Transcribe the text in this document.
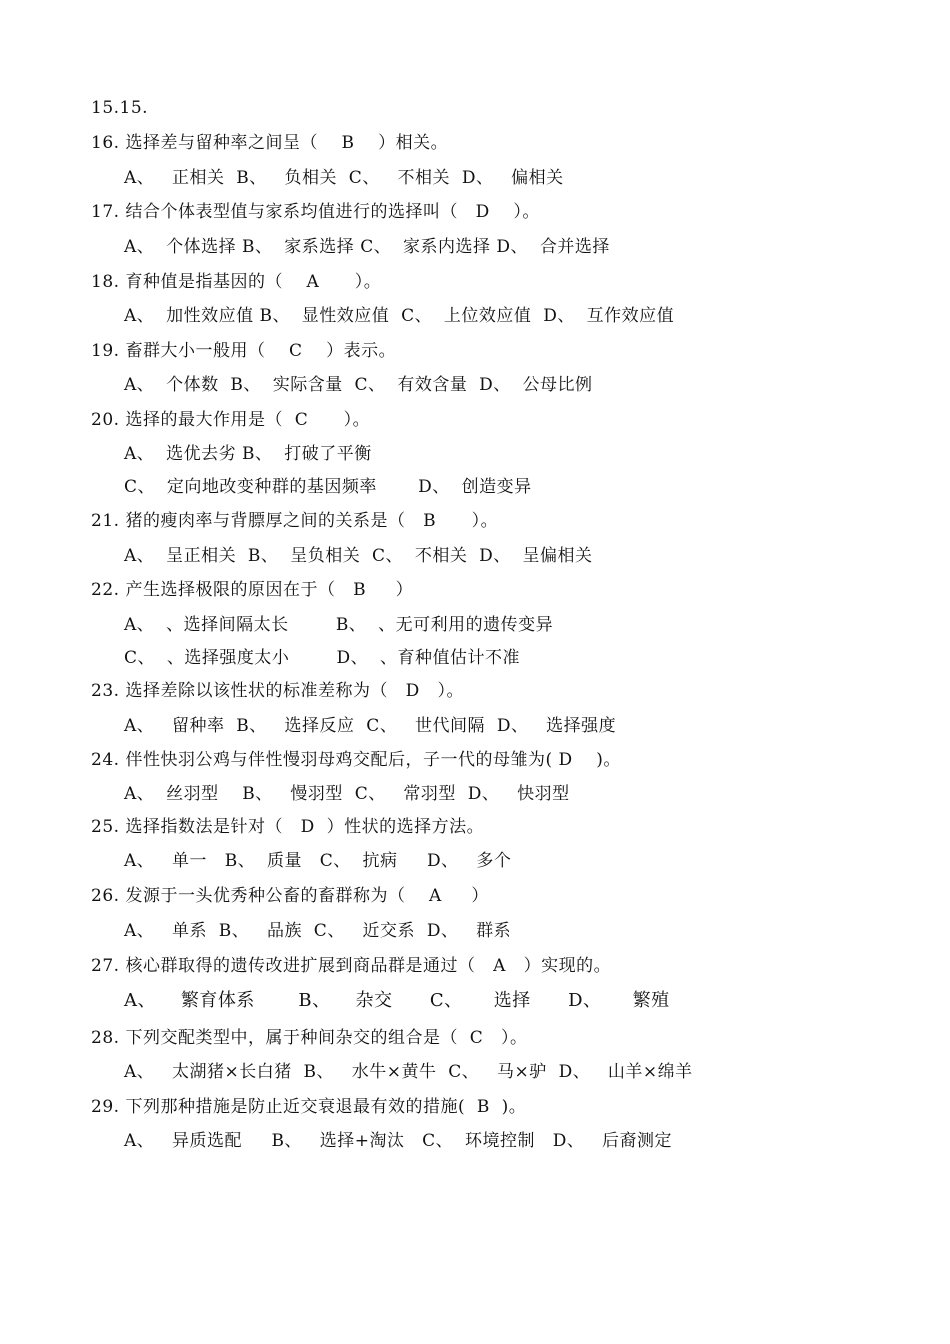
15.15.
16. 选择差与留种率之间呈（    B    ）相关。
A、   正相关  B、   负相关  C、   不相关  D、   偏相关
17. 结合个体表型值与家系均值进行的选择叫（   D    ）。
A、  个体选择 B、  家系选择 C、  家系内选择 D、  合并选择
18. 育种值是指基因的（    A      ）。
A、  加性效应值 B、  显性效应值  C、  上位效应值  D、  互作效应值
19. 畜群大小一般用（    C    ）表示。
A、  个体数  B、  实际含量  C、  有效含量  D、  公母比例
20. 选择的最大作用是（  C      ）。
A、  选优去劣 B、  打破了平衡
C、  定向地改变种群的基因频率       D、  创造变异
21. 猪的瘦肉率与背膘厚之间的关系是（   B      ）。
A、  呈正相关  B、  呈负相关  C、  不相关  D、  呈偏相关
22. 产生选择极限的原因在于（   B     ）
A、  、选择间隔太长        B、  、无可利用的遗传变异
C、  、选择强度太小        D、  、育种值估计不准
23. 选择差除以该性状的标准差称为（   D   ）。
A、   留种率  B、   选择反应  C、   世代间隔  D、   选择强度
24. 伴性快羽公鸡与伴性慢羽母鸡交配后，子一代的母雏为( D    )。
A、  丝羽型    B、   慢羽型  C、   常羽型  D、   快羽型
25. 选择指数法是针对（   D  ）性状的选择方法。
A、   单一   B、  质量   C、  抗病     D、   多个
26. 发源于一头优秀种公畜的畜群称为（    A     ）
A、   单系  B、   品族  C、   近交系  D、   群系
27. 核心群取得的遗传改进扩展到商品群是通过（   A   ）实现的。
A、    繁育体系       B、    杂交      C、     选择      D、     繁殖
28. 下列交配类型中，属于种间杂交的组合是（  C   ）。
A、   太湖猪×长白猪  B、   水牛×黄牛  C、   马×驴  D、   山羊×绵羊
29. 下列那种措施是防止近交衰退最有效的措施(  B  )。
A、   异质选配     B、   选择+淘汰   C、  环境控制   D、   后裔测定
